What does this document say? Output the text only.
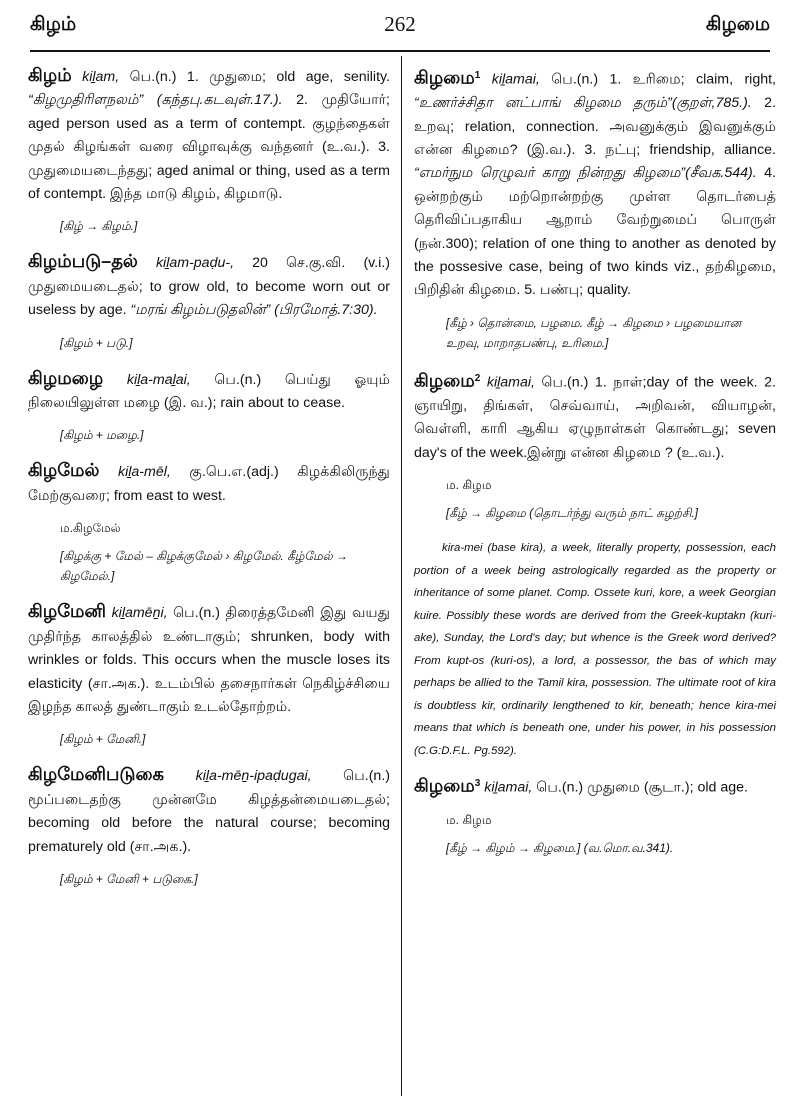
கிழம்	262	கிழமை
கிழம் kiḻam, பெ.(n.) 1. முதுமை; old age, senility. “கிழமுதிரிளநலம்” (கந்தபு.கடவுள்.17.). 2. முதியோர்; aged person used as a term of contempt. குழந்தைகள் முதல் கிழங்கள் வரை விழாவுக்கு வந்தனர் (உ.வ.). 3. முதுமையடைந்தது; aged animal or thing, used as a term of contempt. இந்த மாடு கிழம், கிழமாடு.
[கிழ் → கிழம்.]
கிழம்படு–தல் kiḻam-paḍu-, 20 செ.கு.வி. (v.i.) முதுமையடைதல்; to grow old, to become worn out or useless by age. “மரங் கிழம்படுதலின்” (பிரமோத்.7:30).
[கிழம் + படு.]
கிழமழை kiḻa-maḻai, பெ.(n.) பெய்து ஓயும் நிலையிலுள்ள மழை (இ. வ.); rain about to cease.
[கிழம் + மழை.]
கிழமேல் kiḻa-mēl, கு.பெ.எ.(adj.) கிழக்கிலிருந்து மேற்குவரை; from east to west.
ம.கிழமேல்
[கிழக்கு + மேல் – கிழக்குமேல் › கிழமேல். கீழ்மேல் → கிழமேல்.]
கிழமேனி kiḻamēṉi, பெ.(n.) திரைத்தமேனி இது வயது முதிர்ந்த காலத்தில் உண்டாகும்; shrunken, body with wrinkles or folds. This occurs when the muscle loses its elasticity (சா.அக.). உடம்பில் தசைநார்கள் நெகிழ்ச்சியை இழந்த காலத் துண்டாகும் உடல்தோற்றம்.
[கிழம் + மேனி.]
கிழமேனிபடுகை kiḻa-mēṉ-ipaḍugai, பெ.(n.) மூப்படைதற்கு முன்னமே கிழத்தன்மையடைதல்; becoming old before the natural course; becoming prematurely old (சா.அக.).
[கிழம் + மேனி + படுகை.]
கிழமை$^1$ kiḻamai, பெ.(n.) 1. உரிமை; claim, right, “உணர்ச்சிதா னட்பாங் கிழமை தரும்”(குறள்,785.). 2. உறவு; relation, connection. அவனுக்கும் இவனுக்கும் என்ன கிழமை? (இ.வ.). 3. நட்பு; friendship, alliance. “எமர்நும ரெழுவர் காறு நின்றது கிழமை”(சீவக.544). 4. ஒன்றற்கும் மற்றொன்றற்கு முள்ள தொடர்பைத் தெரிவிப்பதாகிய ஆறாம் வேற்றுமைப் பொருள் (நன்.300); relation of one thing to another as denoted by the possesive case, being of two kinds viz., தற்கிழமை, பிறிதின் கிழமை. 5. பண்பு; quality.
[கீழ் › தொன்மை, பழமை. கீழ் → கிழமை › பழமையான உறவு, மாறாதபண்பு, உரிமை.]
கிழமை$^2$ kiḻamai, பெ.(n.) 1. நாள்;day of the week. 2. ஞாயிறு, திங்கள், செவ்வாய், அறிவன், வியாழன், வெள்ளி, காரி ஆகிய ஏழுநாள்கள் கொண்டது; seven day's of the week.இன்று என்ன கிழமை ? (உ.வ.).
ம. கிழம
[கீழ் → கிழமை (தொடர்ந்து வரும் நாட் சுழற்சி.]
kira-mei (base kira), a week, literally property, possession, each portion of a week being astrologically regarded as the property or inheritance of some planet. Comp. Ossete kuri, kore, a week Georgian kuire. Possibly these words are derived from the Greek-kuptakn (kuri-ake), Sunday, the Lord's day; but whence is the Greek word derived? From kupt-os (kuri-os), a lord, a possessor, the bas of which may perhaps be allied to the Tamil kira, possession. The ultimate root of kira is doubtless kir, ordinarily lengthened to kir, beneath; hence kira-mei means that which is beneath one, under his power, in his possession (C.G:D.F.L. Pg.592).
கிழமை$^3$ kiḻamai, பெ.(n.) முதுமை (சூடா.); old age.
ம. கிழம
[கீழ் → கிழம் → கிழமை.] (வ.மொ.வ.341).
